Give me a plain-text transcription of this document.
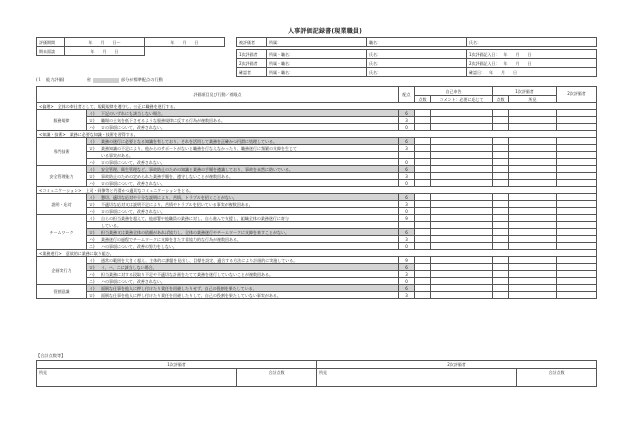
人事評価記録書(現業職員)
評価期間	年　　月　　日〜	年　　月　　日
期末面談	年　　月　　日	
被評価者	所属：	職名：	氏名：

1次評価者	所属・職名：	氏名：	1次評価記入日：　 年　　月　　日
2次評価者	所属・職名：	氏名：	2次評価記入日：　 年　　月　　日
確認者	所属・職名：	氏名：	確認日：　 年　　月　　日
(１　能力評価)　　　　　	省	部分が標準配点の行動
評価項目及び行動／着眼点		配点	自己申告		1次評価者		2次評価者
			点数	コメント：必要に応じて	点数	所見	
<倫理>　全体の奉仕者として、規範規律を遵守し、公正に職務を遂行する。							
服務規律	イ) 下記のいずれにも該当しない場合。	6					
	ロ) 職場の士気を低下させるような服務規律に反する行為が複数回ある。	3					
	ハ) ロの事項について、改善されない。	0					
<知識・技術>　業務に必要な知識・技術を習得する。							
専門技術	イ) 業務の遂行に必要となる知識を有しており、それを活用して業務を正確かつ円滑に処理している。	6					
	ロ) 業務知識の不足により、他からのサポートがないと職務を行なえなかったり、職務遂行に頻繁の支障を生じて	3					
	いる事実がある。						
	ハ) ロの事項について、改善されない。	0					
安全管理能力	イ) 安全管理、衛生管理など、事故防止のための知識と業務の手順を遵識しており、事故を未然に防いでいる。	6					
	ロ) 事故防止のための定められた業務手順を、遵守しないことが複数回ある。	3					
	ハ) ロの事項について、改善されない。	0					
<コミュニケーション>　上司・同僚等と円滑かつ適切なコミュニケーションをとる。							
説明・応対	イ) 懇切、適切な応対や十分な説明により、苦情、トラブルを招くことがない。	6					
	ロ) 不適切な応対又は説明不足により、苦情やトラブルを招いている事実が複数回ある。	3					
	ハ) ロの事項について、改善されない。	0					
チームワーク	イ) 自らの担当業務を超えて、他部署や他職員の業務に対し、自ら進んで支援し、組織全体の業務遂行に寄与	9					
	している。						
	ロ) 担当業務又は業務全体の依頼があれば協力し、全体の業務遂行やチームワークに支障を来すことがない。	6					
	ハ) 業務遂行の過程でチームワークに支障をきたす非協力的な行為が複数回ある。	3					
	ニ) ハの事項について、改善の努力をしない。	0					
<業務遂行>　意欲的に業務に取り組む。							
企画実行力	イ) 通常の範囲を大きく超え、主体的に課題を見出し、目標を設定、適合する方法により計画的に実施している。	9					
	ロ) イ、ハ、ニに該当しない場合。	6					
	ハ) 担当業務に対する段取り不足や不適切な計画をたてて業務を遂行していないことが複数回ある。	3					
	ニ) ハの事項について、改善されない。	0					
役割意識	イ) 面倒な仕事を他人に押し付けたり責任を回避したりせず、自己の役割を果たしている。	6					
	ロ) 面倒な仕事を他人に押し付けたり責任を回避したりして、自己の役割を果たしていない事実がある。	3					
【合計点数等】
1次評価者		2次評価者	
所見	合計点数	所見	合計点数
